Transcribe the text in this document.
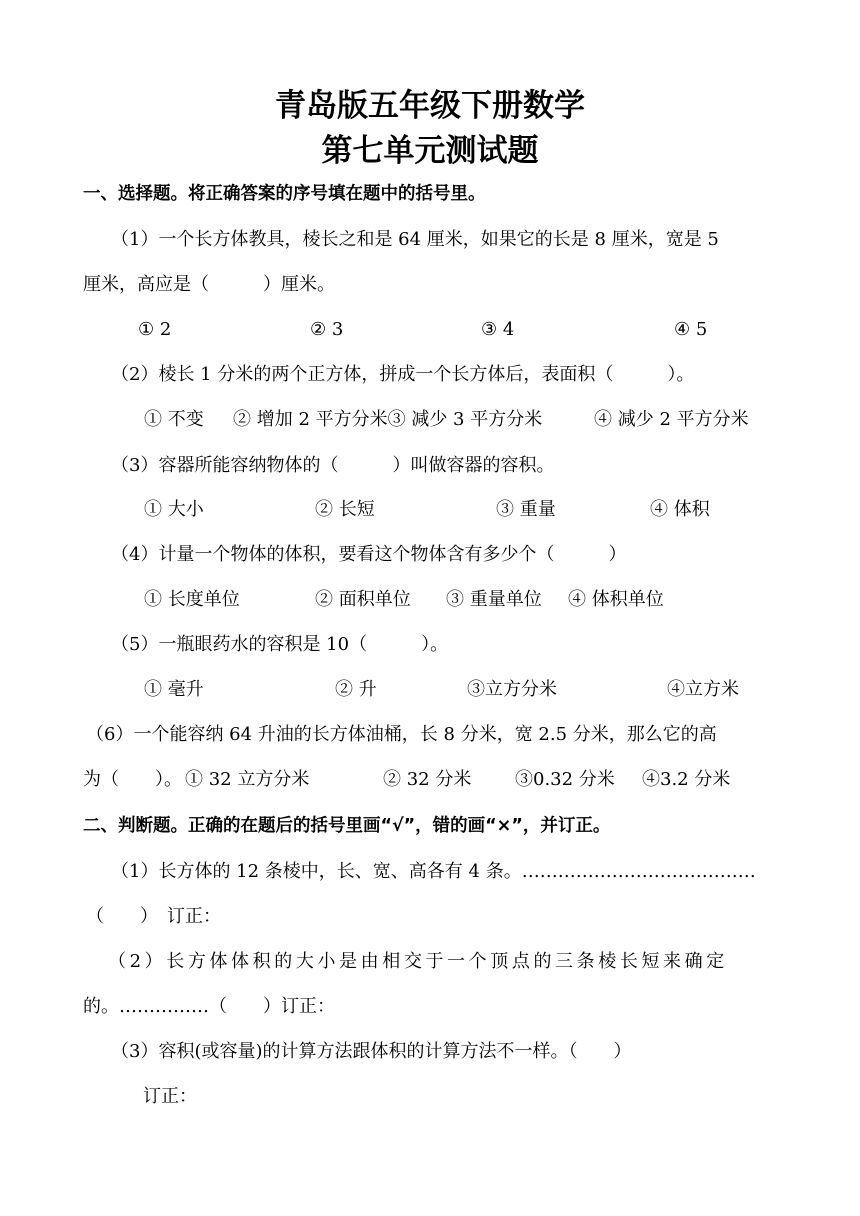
青岛版五年级下册数学
第七单元测试题
一、选择题。将正确答案的序号填在题中的括号里。
（1）一个长方体教具，棱长之和是 64 厘米，如果它的长是 8 厘米，宽是 5
厘米，高应是（　　　）厘米。
① 2	② 3	③ 4	④ 5
（2）棱长 1 分米的两个正方体，拼成一个长方体后，表面积（　　　）。
① 不变 ② 增加 2 平方分米③ 减少 3 平方分米	④ 减少 2 平方分米
（3）容器所能容纳物体的（　　　）叫做容器的容积。
① 大小	② 长短	③ 重量	④ 体积
（4）计量一个物体的体积，要看这个物体含有多少个（　　　）
① 长度单位	② 面积单位 ③ 重量单位 ④ 体积单位
（5）一瓶眼药水的容积是 10（　　　）。
① 毫升	② 升	③立方分米	④立方米
（6）一个能容纳 64 升油的长方体油桶，长 8 分米，宽 2.5 分米，那么它的高
为（　　）。 ① 32 立方分米	② 32 分米 ③0.32 分米 ④3.2 分米
二、判断题。正确的在题后的括号里画“√”，错的画“×”，并订正。
（1）长方体的 12 条棱中，长、宽、高各有 4 条。…………………………………
（　　）　订正：
（2）长方体体积的大小是由相交于一个顶点的三条棱长短来确定
的。……………（　　）订正：
（3）容积(或容量)的计算方法跟体积的计算方法不一样。（　　）
订正：
